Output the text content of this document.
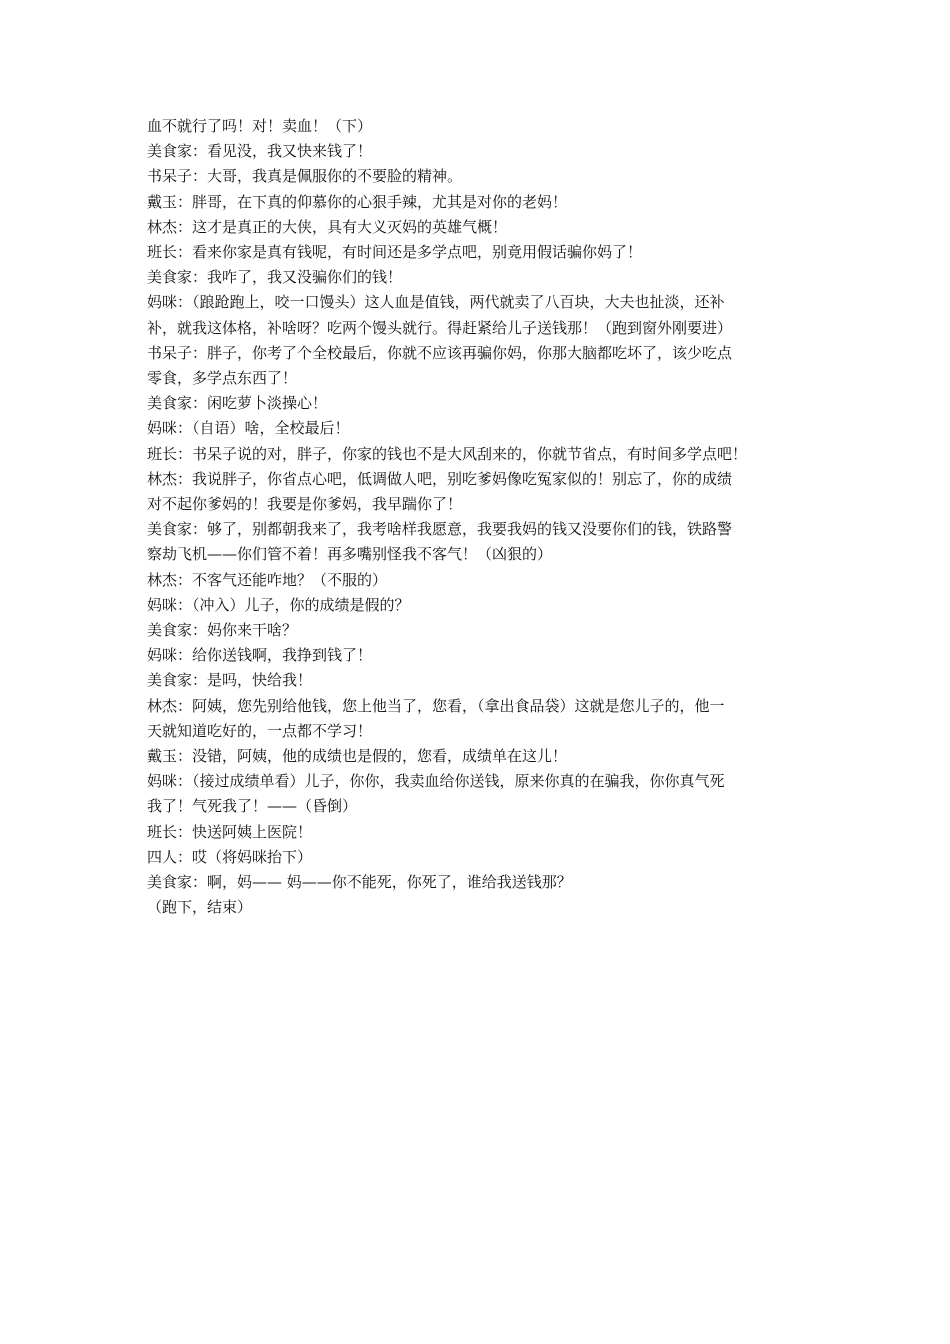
血不就行了吗！对！卖血！（下）
美食家：看见没，我又快来钱了！
书呆子：大哥，我真是佩服你的不要脸的精神。
戴玉：胖哥，在下真的仰慕你的心狠手辣，尤其是对你的老妈！
林杰：这才是真正的大侠，具有大义灭妈的英雄气概！
班长：看来你家是真有钱呢，有时间还是多学点吧，别竟用假话骗你妈了！
美食家：我咋了，我又没骗你们的钱！
妈咪：（踉跄跑上，咬一口馒头）这人血是值钱，两代就卖了八百块，大夫也扯淡，还补
补，就我这体格，补啥呀？吃两个馒头就行。得赶紧给儿子送钱那！（跑到窗外刚要进）
书呆子：胖子，你考了个全校最后，你就不应该再骗你妈，你那大脑都吃坏了，该少吃点
零食，多学点东西了！
美食家：闲吃萝卜淡操心！
妈咪：（自语）啥，全校最后！
班长：书呆子说的对，胖子，你家的钱也不是大风刮来的，你就节省点，有时间多学点吧！
林杰：我说胖子，你省点心吧，低调做人吧，别吃爹妈像吃冤家似的！别忘了，你的成绩
对不起你爹妈的！我要是你爹妈，我早踹你了！
美食家：够了，别都朝我来了，我考啥样我愿意，我要我妈的钱又没要你们的钱，铁路警
察劫飞机——你们管不着！再多嘴别怪我不客气！（凶狠的）
林杰：不客气还能咋地？（不服的）
妈咪：（冲入）儿子，你的成绩是假的？
美食家：妈你来干啥？
妈咪：给你送钱啊，我挣到钱了！
美食家：是吗，快给我！
林杰：阿姨，您先别给他钱，您上他当了，您看，（拿出食品袋）这就是您儿子的，他一
天就知道吃好的，一点都不学习！
戴玉：没错，阿姨，他的成绩也是假的，您看，成绩单在这儿！
妈咪：（接过成绩单看）儿子，你你，我卖血给你送钱，原来你真的在骗我，你你真气死
我了！气死我了！——（昏倒）
班长：快送阿姨上医院！
四人：哎（将妈咪抬下）
美食家：啊，妈—— 妈——你不能死，你死了，谁给我送钱那？
（跑下，结束）
